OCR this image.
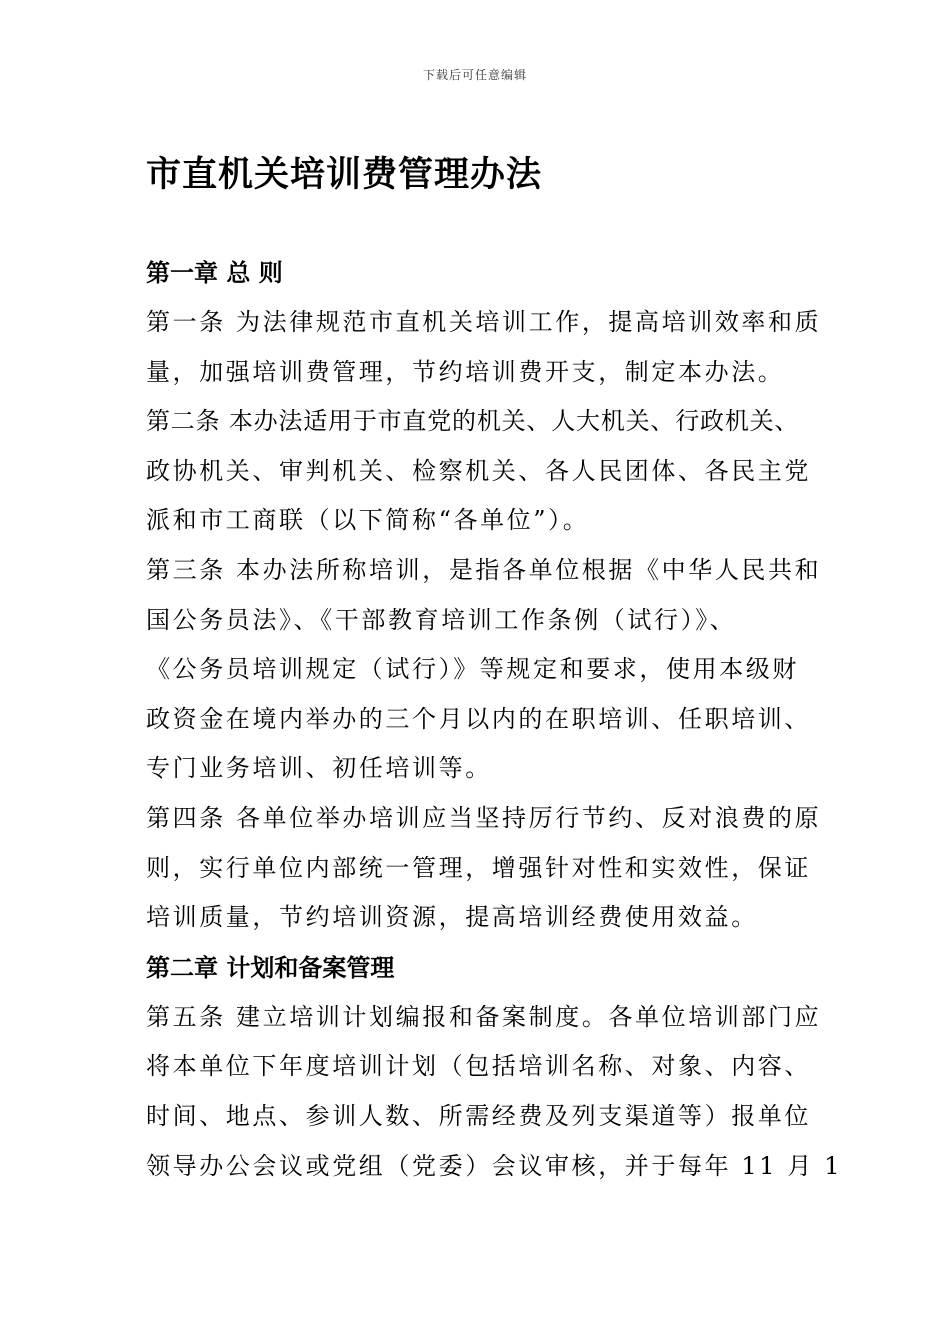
下载后可任意编辑
市直机关培训费管理办法
第一章 总 则

第一条 为法律规范市直机关培训工作，提高培训效率和质

量，加强培训费管理，节约培训费开支，制定本办法。

第二条 本办法适用于市直党的机关、人大机关、行政机关、

政协机关、审判机关、检察机关、各人民团体、各民主党

派和市工商联（以下简称“各单位”）。

第三条 本办法所称培训，是指各单位根据《中华人民共和

国公务员法》、《干部教育培训工作条例（试行）》、

《公务员培训规定（试行）》等规定和要求，使用本级财

政资金在境内举办的三个月以内的在职培训、任职培训、

专门业务培训、初任培训等。

第四条 各单位举办培训应当坚持厉行节约、反对浪费的原

则，实行单位内部统一管理，增强针对性和实效性，保证

培训质量，节约培训资源，提高培训经费使用效益。

第二章 计划和备案管理

第五条 建立培训计划编报和备案制度。各单位培训部门应

将本单位下年度培训计划（包括培训名称、对象、内容、

时间、地点、参训人数、所需经费及列支渠道等）报单位

领导办公会议或党组（党委）会议审核，并于每年 11 月 1
